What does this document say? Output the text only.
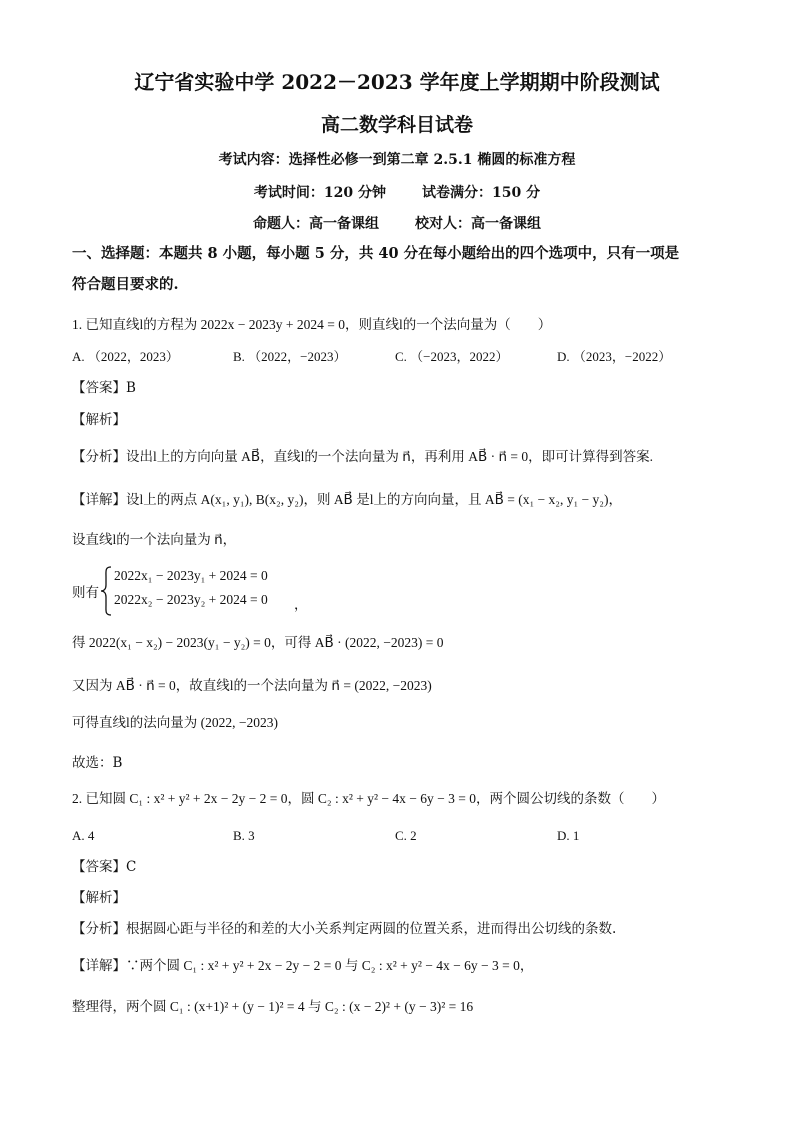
辽宁省实验中学 2022－2023 学年度上学期期中阶段测试
高二数学科目试卷
考试内容：选择性必修一到第二章 2.5.1 椭圆的标准方程
考试时间：120 分钟	试卷满分：150 分
命题人：高一备课组	校对人：高一备课组
一、选择题：本题共 8 小题，每小题 5 分，共 40 分在每小题给出的四个选项中，只有一项是
符合题目要求的.
1. 已知直线l的方程为 2022x − 2023y + 2024 = 0，则直线l的一个法向量为（　　）
A. （2022，2023）	B. （2022，−2023）	C. （−2023，2022）	D. （2023，−2022）
【答案】B
【解析】
【分析】设出l上的方向向量 AB⃗，直线l的一个法向量为 n⃗，再利用 AB⃗ · n⃗ = 0，即可计算得到答案.
【详解】设l上的两点 A(x₁, y₁), B(x₂, y₂)，则 AB⃗ 是l上的方向向量，且 AB⃗ = (x₁ − x₂, y₁ − y₂)，
设直线l的一个法向量为 n⃗，
则有
2022x₁ − 2023y₁ + 2024 = 0
2022x₂ − 2023y₂ + 2024 = 0 ，
得 2022(x₁ − x₂) − 2023(y₁ − y₂) = 0，可得 AB⃗ · (2022, −2023) = 0
又因为 AB⃗ · n⃗ = 0，故直线l的一个法向量为 n⃗ = (2022, −2023)
可得直线l的法向量为 (2022, −2023)
故选：B
2. 已知圆 C₁ : x² + y² + 2x − 2y − 2 = 0，圆 C₂ : x² + y² − 4x − 6y − 3 = 0，两个圆公切线的条数（　　）
A. 4	B. 3	C. 2	D. 1
【答案】C
【解析】
【分析】根据圆心距与半径的和差的大小关系判定两圆的位置关系，进而得出公切线的条数.
【详解】∵两个圆 C₁ : x² + y² + 2x − 2y − 2 = 0 与 C₂ : x² + y² − 4x − 6y − 3 = 0，
整理得，两个圆 C₁ : (x+1)² + (y − 1)² = 4 与 C₂ : (x − 2)² + (y − 3)² = 16
